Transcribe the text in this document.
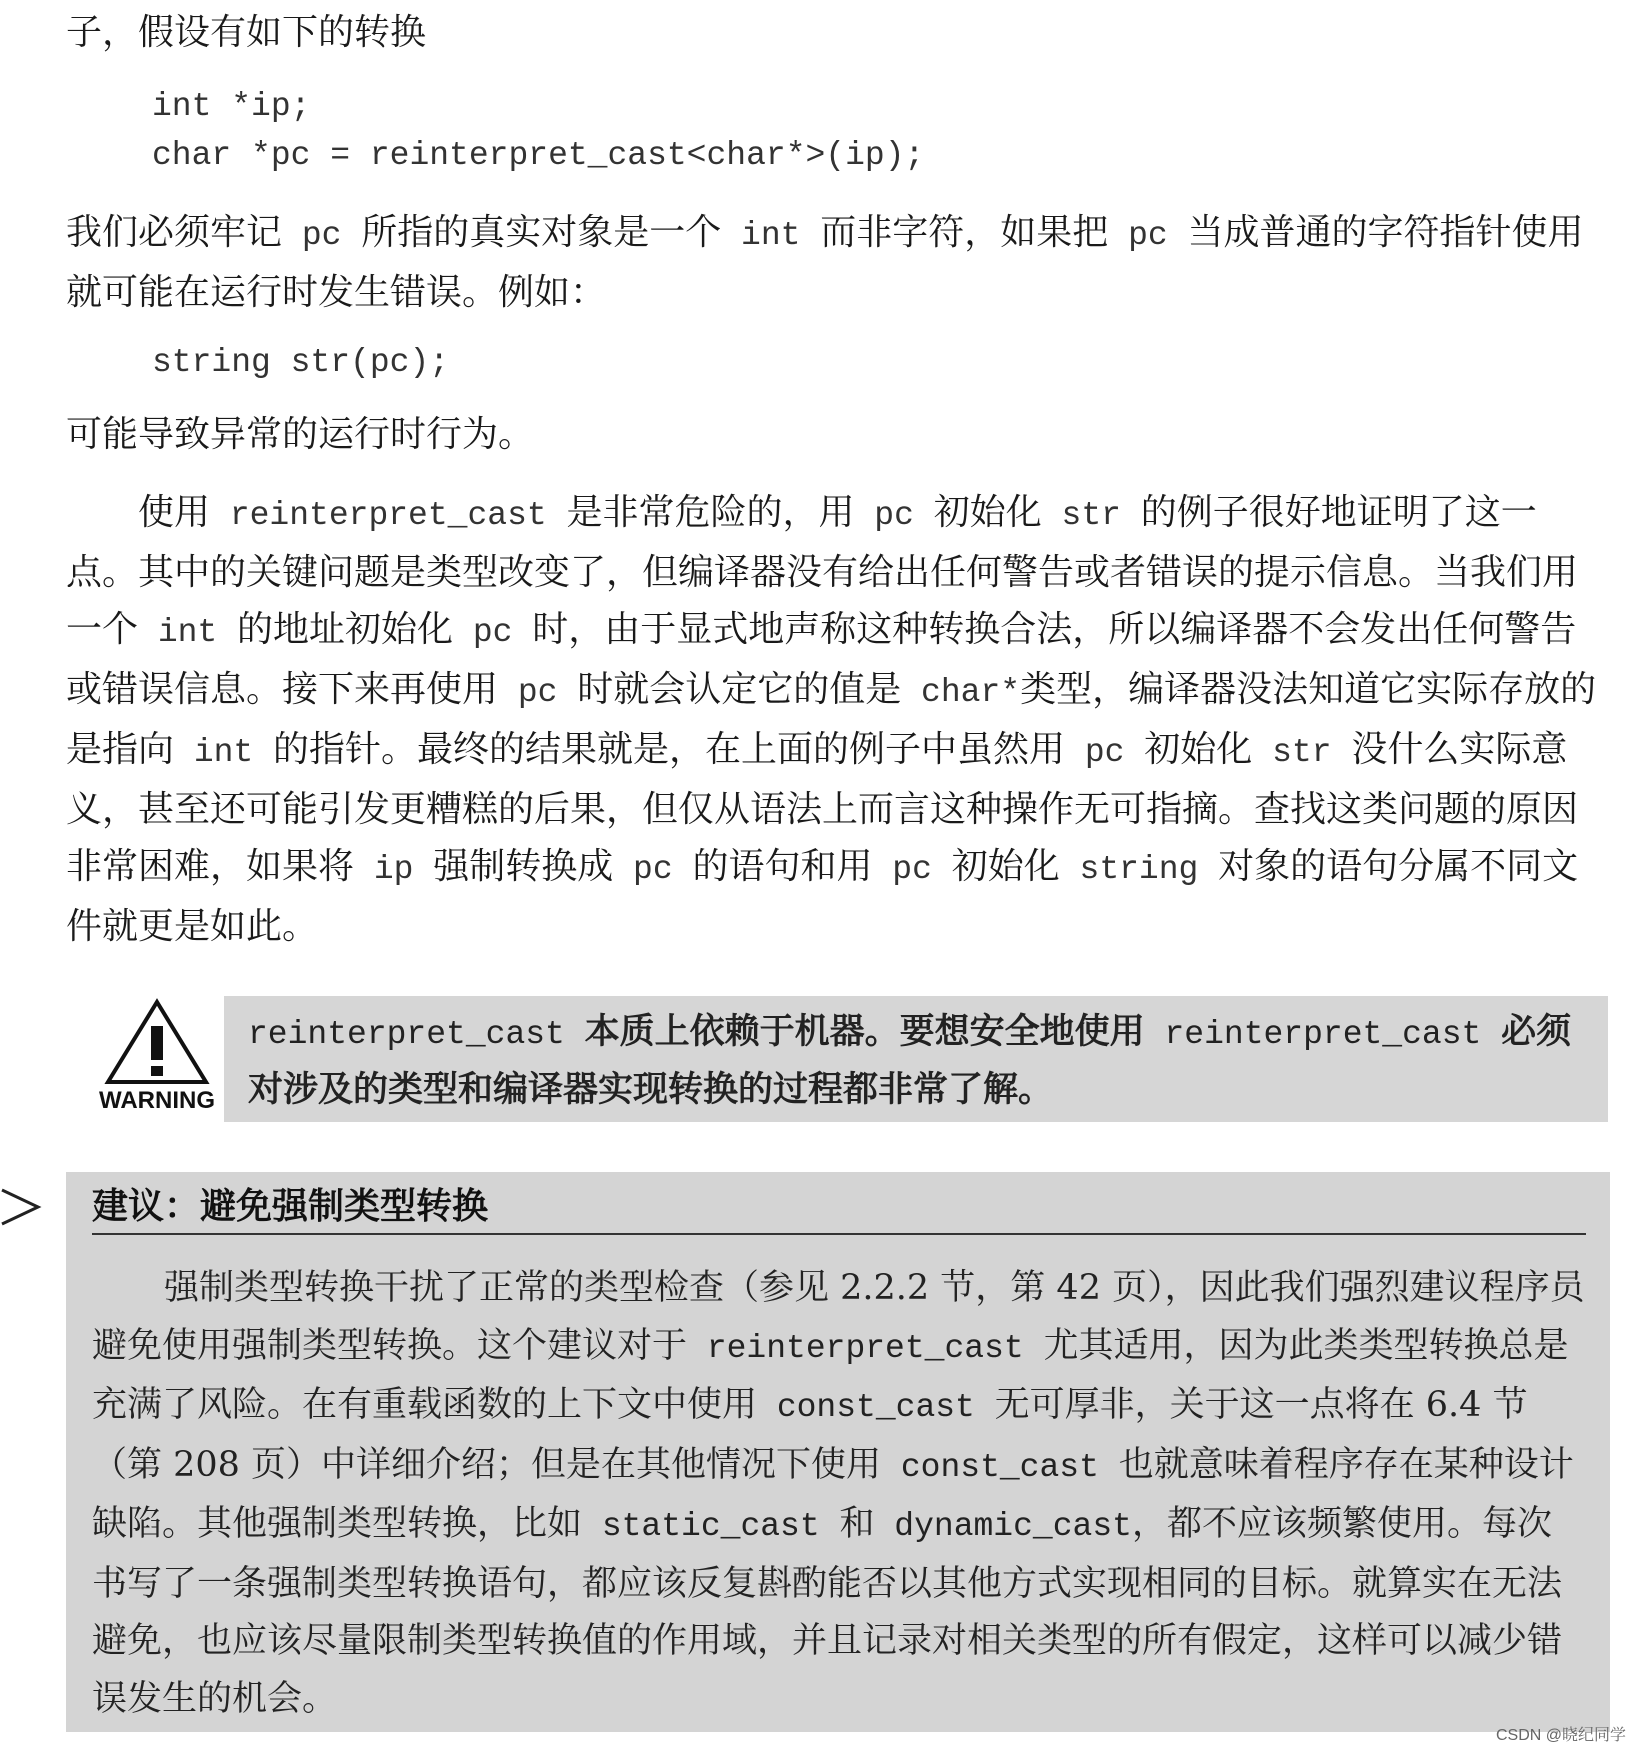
子，假设有如下的转换

int *ip;
char *pc = reinterpret_cast<char*>(ip);

我们必须牢记 pc 所指的真实对象是一个 int 而非字符，如果把 pc 当成普通的字符指针使用就可能在运行时发生错误。例如：

string str(pc);

可能导致异常的运行时行为。

使用 reinterpret_cast 是非常危险的，用 pc 初始化 str 的例子很好地证明了这一点。其中的关键问题是类型改变了，但编译器没有给出任何警告或者错误的提示信息。当我们用一个 int 的地址初始化 pc 时，由于显式地声称这种转换合法，所以编译器不会发出任何警告或错误信息。接下来再使用 pc 时就会认定它的值是 char*类型，编译器没法知道它实际存放的是指向 int 的指针。最终的结果就是，在上面的例子中虽然用 pc 初始化 str 没什么实际意义，甚至还可能引发更糟糕的后果，但仅从语法上而言这种操作无可指摘。查找这类问题的原因非常困难，如果将 ip 强制转换成 pc 的语句和用 pc 初始化 string 对象的语句分属不同文件就更是如此。

WARNING

reinterpret_cast 本质上依赖于机器。要想安全地使用 reinterpret_cast 必须对涉及的类型和编译器实现转换的过程都非常了解。

建议：避免强制类型转换

强制类型转换干扰了正常的类型检查（参见 2.2.2 节，第 42 页），因此我们强烈建议程序员避免使用强制类型转换。这个建议对于 reinterpret_cast 尤其适用，因为此类类型转换总是充满了风险。在有重载函数的上下文中使用 const_cast 无可厚非，关于这一点将在 6.4 节（第 208 页）中详细介绍；但是在其他情况下使用 const_cast 也就意味着程序存在某种设计缺陷。其他强制类型转换，比如 static_cast 和 dynamic_cast，都不应该频繁使用。每次书写了一条强制类型转换语句，都应该反复斟酌能否以其他方式实现相同的目标。就算实在无法避免，也应该尽量限制类型转换值的作用域，并且记录对相关类型的所有假定，这样可以减少错误发生的机会。

CSDN @晓纪同学
